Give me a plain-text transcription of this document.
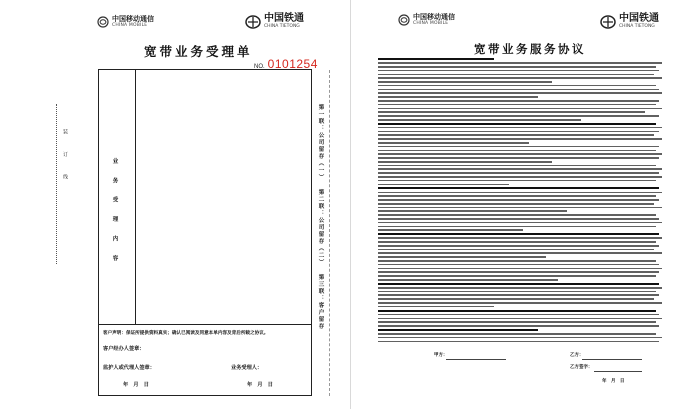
中国移动通信
CHINA MOBILE
中国铁通
CHINA TIETONG
宽带业务受理单
NO. 0101254
装 订 线	业 务 受 理 内 容
客户声明：保证所提供资料真实；确认已阅读及同意本单内容及背后所载之协议。
客户经办人签章：
监护人或代理人签章：	业务受理人：
年　月　日	年　月　日
第一联：公司留存（一）
第二联：公司留存（二）
第三联：客户留存
中国移动通信
CHINA MOBILE	中国铁通
CHINA TIETONG
宽带业务服务协议
甲方：	乙方：
乙方签字：
年　月　日
